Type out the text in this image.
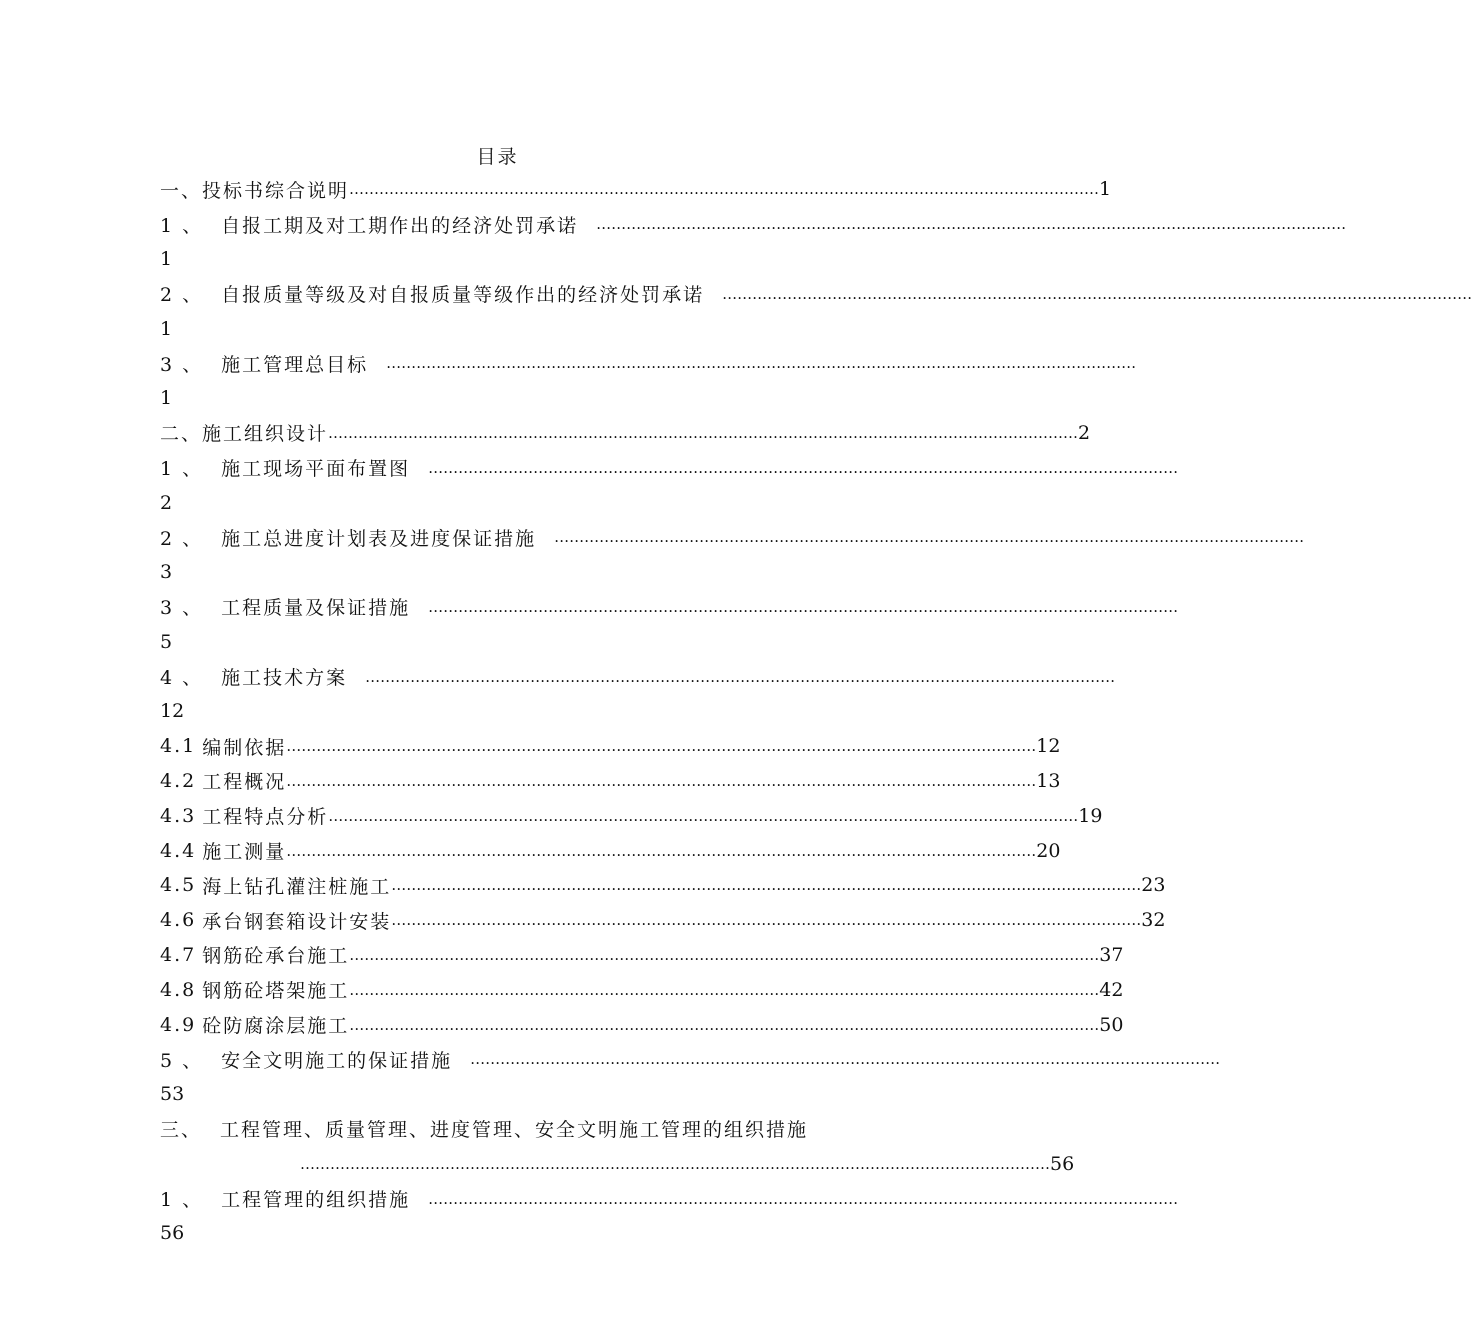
目录
一、 投标书综合说明 …………………………………………………………………………………………………………………………………… 1
1 、 自报工期及对工期作出的经济处罚承诺 ……………………………………………………………………………………………………………………………………
1
2 、 自报质量等级及对自报质量等级作出的经济处罚承诺 ……………………………………………………………………………………………………………………………………
1
3 、 施工管理总目标 ……………………………………………………………………………………………………………………………………
1
二、 施工组织设计 …………………………………………………………………………………………………………………………………… 2
1 、 施工现场平面布置图 ……………………………………………………………………………………………………………………………………
2
2 、 施工总进度计划表及进度保证措施 ……………………………………………………………………………………………………………………………………
3
3 、 工程质量及保证措施 ……………………………………………………………………………………………………………………………………
5
4 、 施工技术方案 ……………………………………………………………………………………………………………………………………
12
4.1 编制依据 …………………………………………………………………………………………………………………………………… 12
4.2 工程概况 …………………………………………………………………………………………………………………………………… 13
4.3 工程特点分析 …………………………………………………………………………………………………………………………………… 19
4.4 施工测量 …………………………………………………………………………………………………………………………………… 20
4.5 海上钻孔灌注桩施工 …………………………………………………………………………………………………………………………………… 23
4.6 承台钢套箱设计安装 …………………………………………………………………………………………………………………………………… 32
4.7 钢筋砼承台施工 …………………………………………………………………………………………………………………………………… 37
4.8 钢筋砼塔架施工 …………………………………………………………………………………………………………………………………… 42
4.9 砼防腐涂层施工 …………………………………………………………………………………………………………………………………… 50
5 、 安全文明施工的保证措施 ……………………………………………………………………………………………………………………………………
53
三、 工程管理、质量管理、进度管理、安全文明施工管理的组织措施
…………………………………………………………………………………………………………………………………… 56
1 、 工程管理的组织措施 ……………………………………………………………………………………………………………………………………
56
